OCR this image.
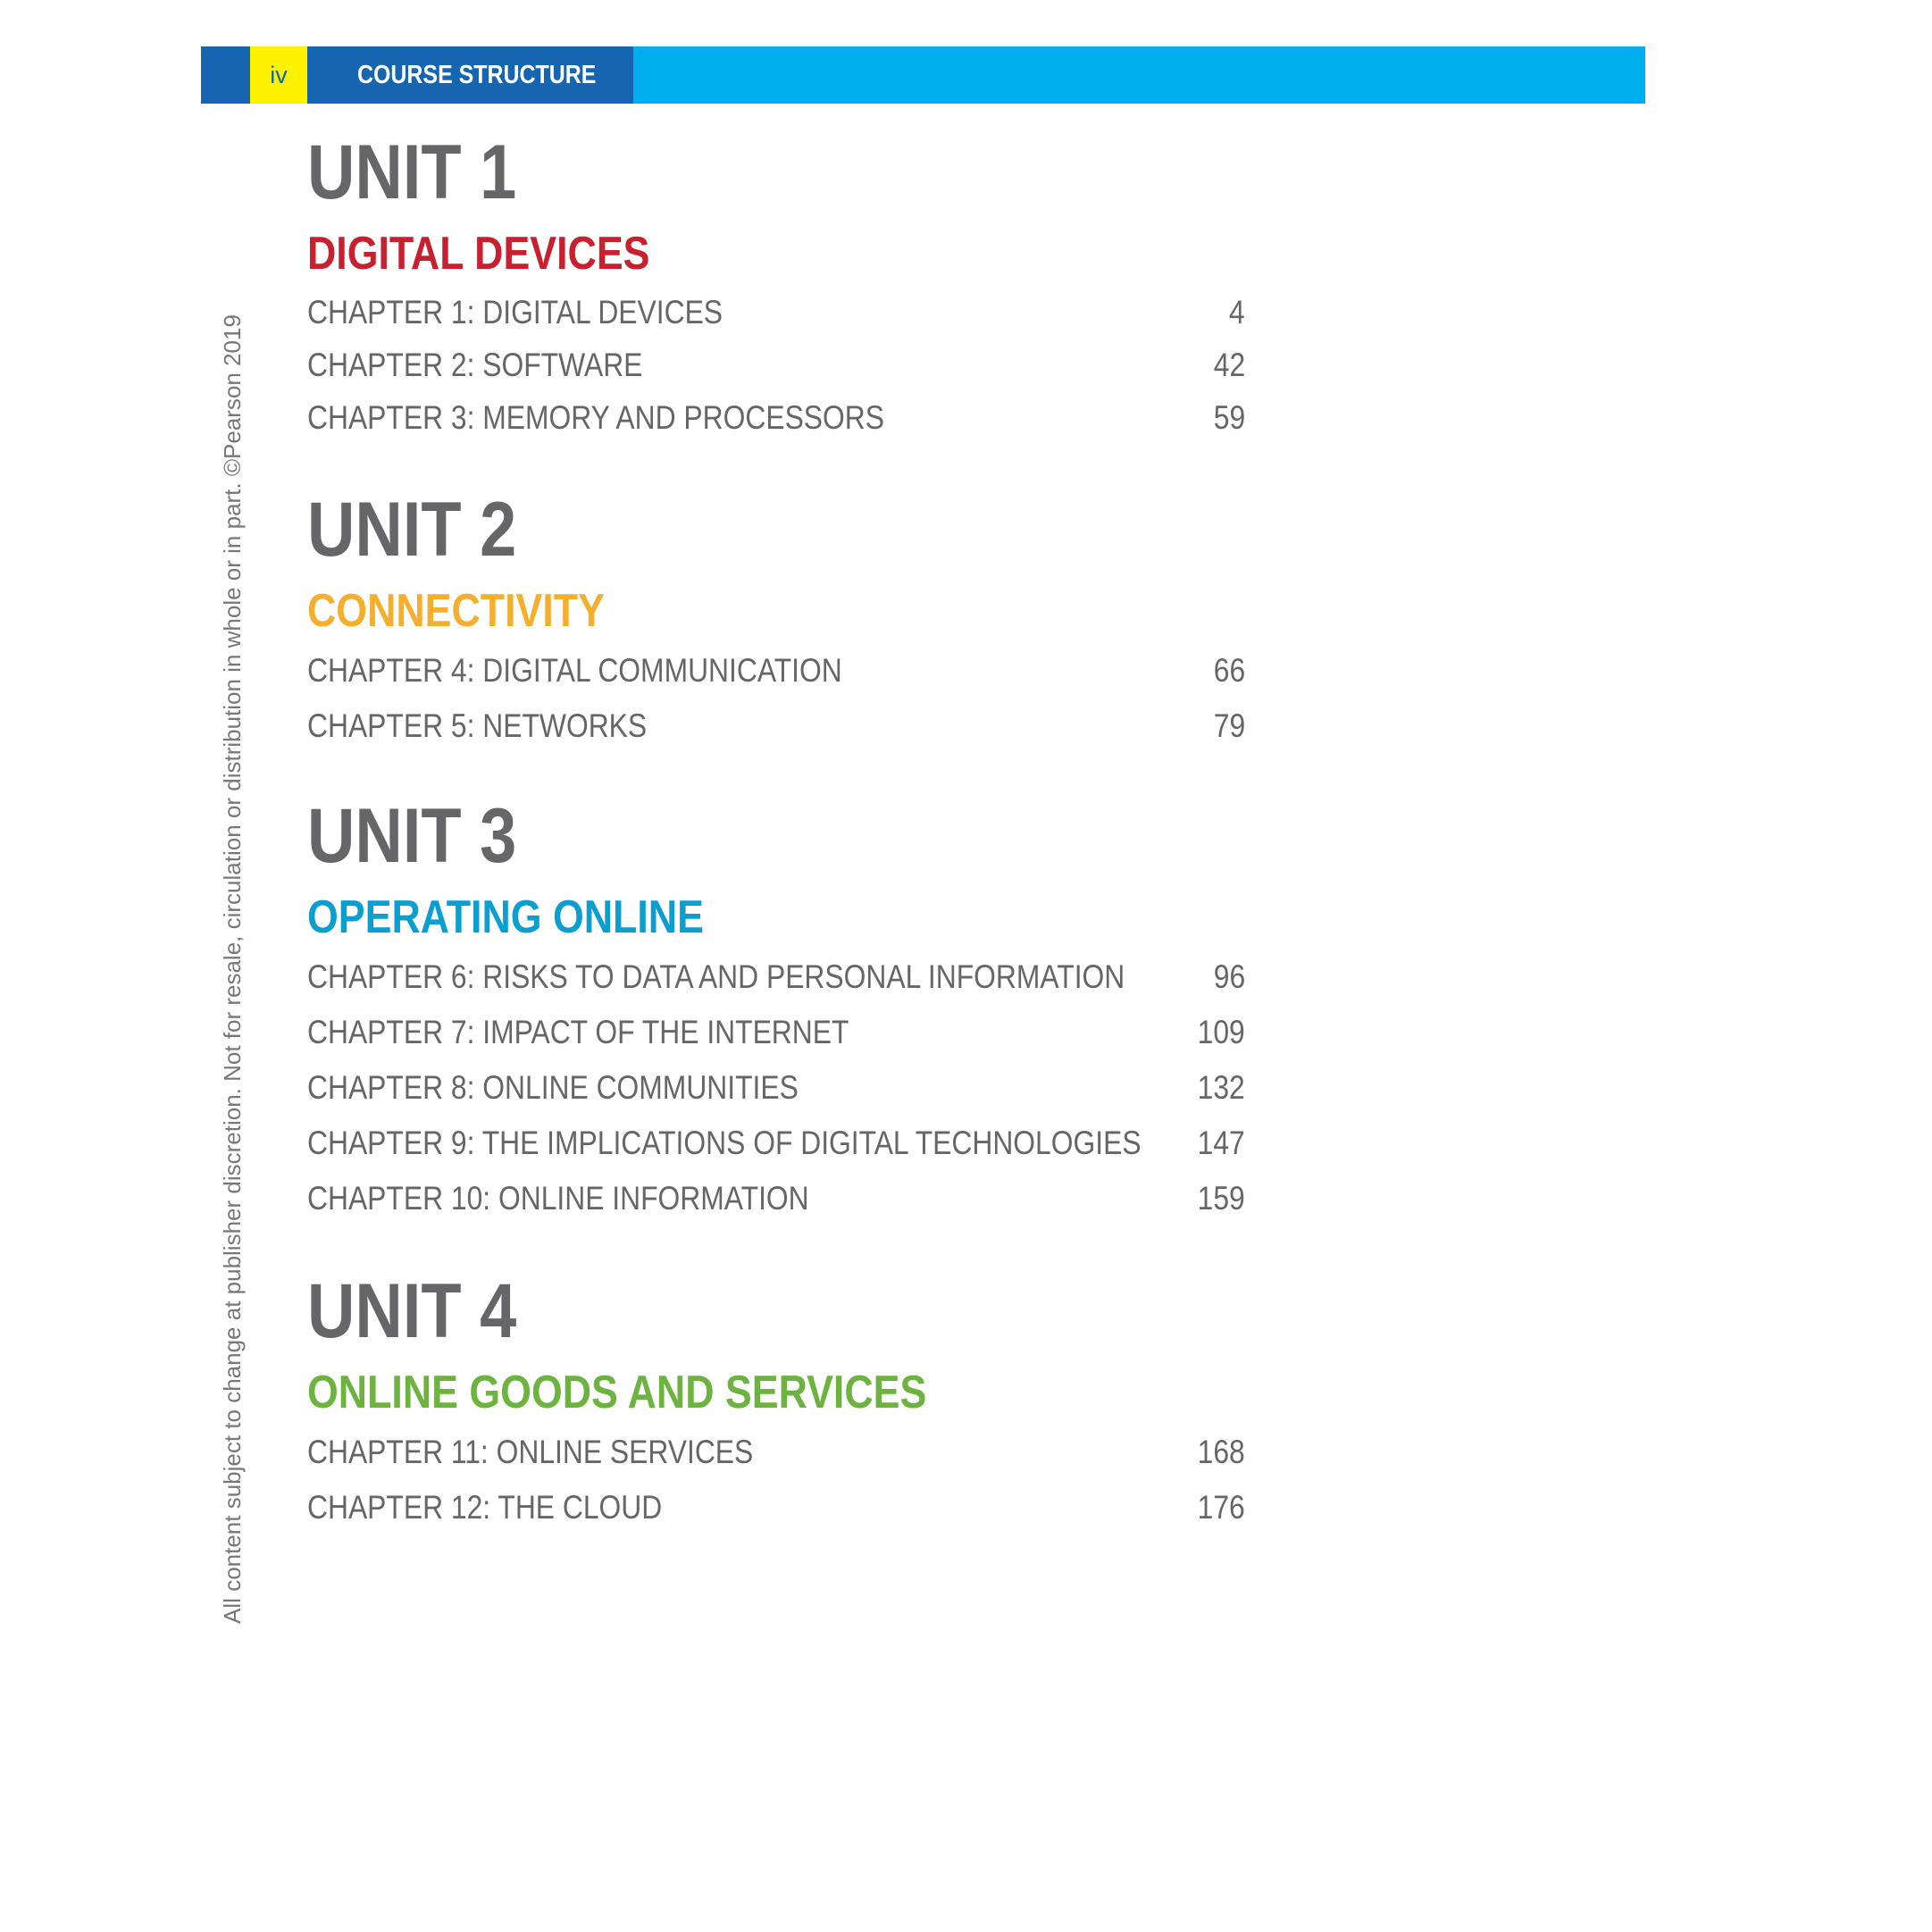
iv	COURSE STRUCTURE
All content subject to change at publisher discretion. Not for resale, circulation or distribution in whole or in part. ©Pearson 2019
UNIT 1
DIGITAL DEVICES
CHAPTER 1: DIGITAL DEVICES	4
CHAPTER 2: SOFTWARE	42
CHAPTER 3: MEMORY AND PROCESSORS	59
UNIT 2
CONNECTIVITY
CHAPTER 4: DIGITAL COMMUNICATION	66
CHAPTER 5: NETWORKS	79
UNIT 3
OPERATING ONLINE
CHAPTER 6: RISKS TO DATA AND PERSONAL INFORMATION	96
CHAPTER 7: IMPACT OF THE INTERNET	109
CHAPTER 8: ONLINE COMMUNITIES	132
CHAPTER 9: THE IMPLICATIONS OF DIGITAL TECHNOLOGIES 147
CHAPTER 10: ONLINE INFORMATION	159
UNIT 4
ONLINE GOODS AND SERVICES
CHAPTER 11: ONLINE SERVICES	168
CHAPTER 12: THE CLOUD	176
